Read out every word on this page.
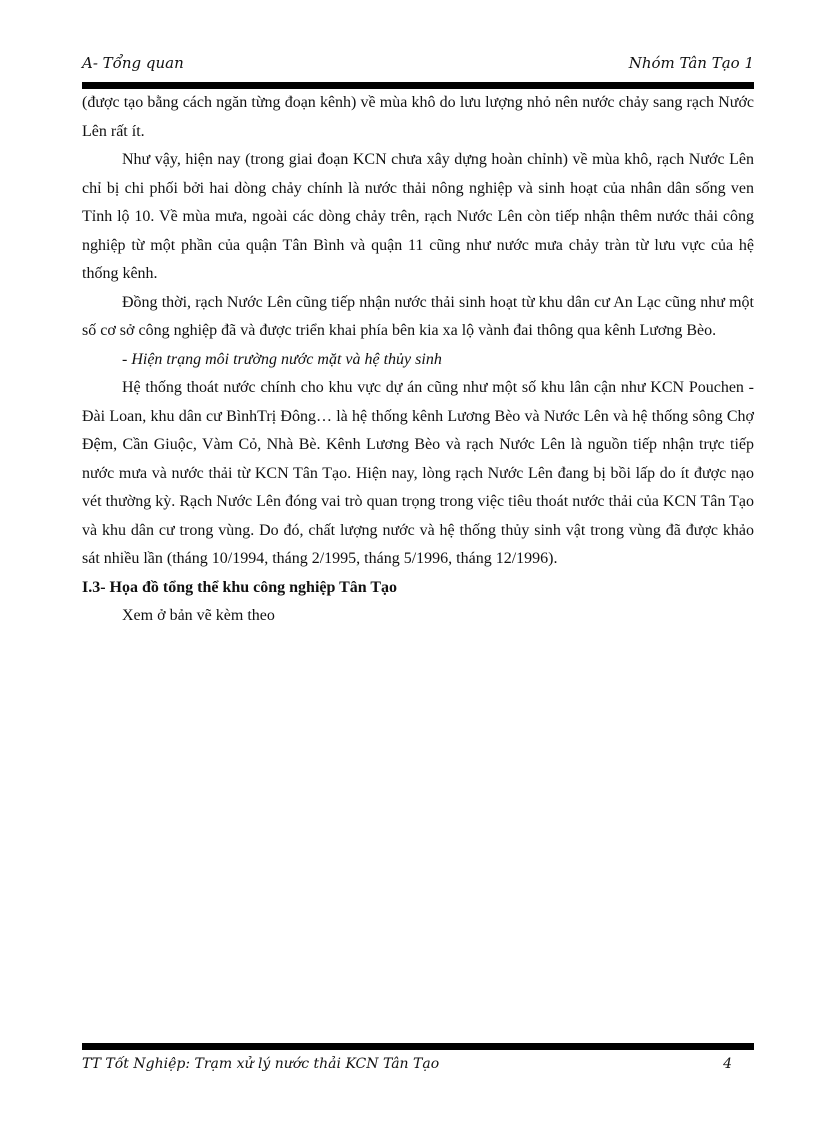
A- Tổng quan	Nhóm Tân Tạo 1

(được tạo bằng cách ngăn từng đoạn kênh) về mùa khô do lưu lượng nhỏ nên nước chảy sang rạch Nước Lên rất ít.

Như vậy, hiện nay (trong giai đoạn KCN chưa xây dựng hoàn chỉnh) về mùa khô, rạch Nước Lên chỉ bị chi phối bởi hai dòng chảy chính là nước thải nông nghiệp và sinh hoạt của nhân dân sống ven Tỉnh lộ 10. Về mùa mưa, ngoài các dòng chảy trên, rạch Nước Lên còn tiếp nhận thêm nước thải công nghiệp từ một phần của quận Tân Bình và quận 11 cũng như nước mưa chảy tràn từ lưu vực của hệ thống kênh.

Đồng thời, rạch Nước Lên cũng tiếp nhận nước thải sinh hoạt từ khu dân cư An Lạc cũng như một số cơ sở công nghiệp đã và được triển khai phía bên kia xa lộ vành đai thông qua kênh Lương Bèo.

- Hiện trạng môi trường nước mặt và hệ thủy sinh

Hệ thống thoát nước chính cho khu vực dự án cũng như một số khu lân cận như KCN Pouchen - Đài Loan, khu dân cư BìnhTrị Đông… là hệ thống kênh Lương Bèo và Nước Lên và hệ thống sông Chợ Đệm, Cần Giuộc, Vàm Cỏ, Nhà Bè. Kênh Lương Bèo và rạch Nước Lên là nguồn tiếp nhận trực tiếp nước mưa và nước thải từ KCN Tân Tạo. Hiện nay, lòng rạch Nước Lên đang bị bồi lấp do ít được nạo vét thường kỳ. Rạch Nước Lên đóng vai trò quan trọng trong việc tiêu thoát nước thải của KCN Tân Tạo và khu dân cư trong vùng. Do đó, chất lượng nước và hệ thống thủy sinh vật trong vùng đã được khảo sát nhiều lần (tháng 10/1994, tháng 2/1995, tháng 5/1996, tháng 12/1996).

I.3- Họa đồ tổng thể khu công nghiệp Tân Tạo

Xem ở bản vẽ kèm theo

TT Tốt Nghiệp: Trạm xử lý nước thải KCN Tân Tạo	4
